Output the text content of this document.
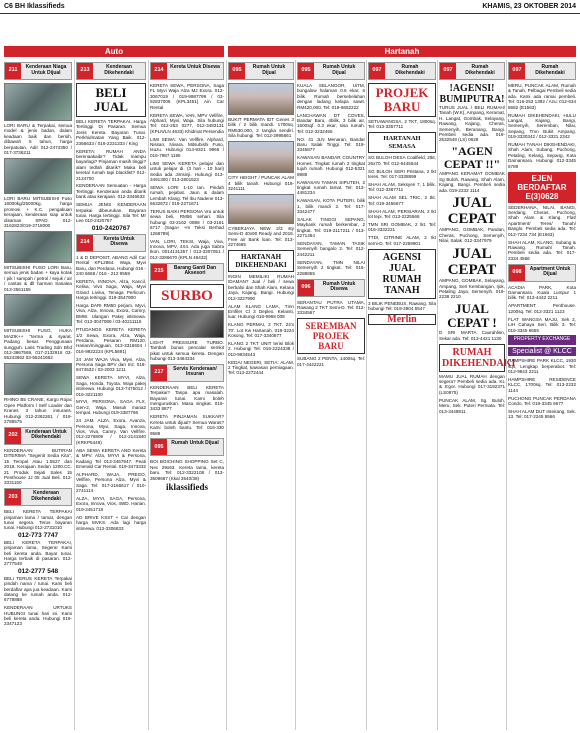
C6 BH Iklassifieds	KHAMIS, 23 OKTOBER 2014
Auto	Hartanah
211
Kenderaan Niaga Untuk Dijual

LORI BARU & Terpakai, semua model & jenis badan, dalam keadaan baik dan bersih, dibawah 5 tahun, harga berpatutan. Adir 012-2474350 / 017-3736211

LORI BARU MITSUBISHI Fuso 16000kg/25000kg, harga promosi + K.C. pengakuan kerajaan, kenderaan siap untuk disaman SPAD. 012-3162823/019-2718000

MITSUBISHI FUSO LORI Baru, semua jenis badan + kaya kotak / pik / sampah / petrol / sejuk / air / cantas & dll harman Sanalea 013-2561155

MITSUBISHI FUSO, HUKA MAZIK++ "terma & syarat. Padang besar. Penggunaan sungguh. Laris Trading Sdn Bhd 012-3667569, 017-2132916 03-55243662 03-55241662

RHINO B5 CRANE, Kargo Rojac Open Platform / Self Loader dan Kranes 3 tahun insurans. Hubungi 012-2362261 / 019-2788575

202
Kenderaan Untuk Dikehendaki

KENDERAAN BUTIRAN DITERIMA "Segenit Sedia Kita", 15 Tempat Atau 1.5527 dan 2018. Kerajaan Sedan 1200.CC. 21 Produk Sejati Sales 15 Penthouse JJ 05 Jual Beli. 012-3331150

203
Kenderaan Dikehendaki

BELI KERETA TERPAKAI pinjaman lama / tamat, dengan tunai segera. Terus bayaran tunai. Hubungi 012-2731010

012-773 7747

BELI KERETA TERPAKAI, pinjaman lama, Segera! Kami beli kereta anda. Bayar tunai. Harga terbaik di pasaran. 012-2777548

012-2777 548

BELI TERUS KERETA Terpakai pindah nama / tunai. Kami beli berdaftar apa jua keadaan. Kami datang ke rumah anda. 012-6778888

KENDERAAN URTUKS HUBUNGI tunai hari ini. Kami beli kereta anda. Hubungi 019-2347123

213
Kenderaan Dikehendaki
BELI JUAL

BELI KERETA TERPAKAI. Harga Tertinggi Di Pasaran. Semua Jenis Kereta. Bayaran Tunai. Perkhidmatan Yang Baik. 012-2366633 / 016-2231333 / King

KERETA: RUMAH ANDA berenaakaibr? Tidak mampu bayarlagi? Pinjaman masih tinggi? alam tedlah ditarik? Maka beli kereta/ rumah tapi blacklist? 012-2124700

KENDERAAN Semuatan - Harga Tertinggi. Kenderaan anda ditarik bank atau kerajaan. 012-3346633

SEMUA JENIS KENDERAAN terpakai dibeurukan. Bayaran tunai. Harga tertinggi. Sila Tel: Mr Lee 010-2420767

010-2420767
214
Kereta Untuk Disewa

1 & D DEPOSIT, ABANG Adil Car Rental KPL2864. Waja, Myvi Baru, dan Perdana. Hubungi 016 - 240 6668 / 016 - 212 9559

KERETA, INNOVA, Alza, Kancil, Kelisa, Vivo Saga, Waja, Myvi Grand Livina, Tenaga Perlicum. Harga tertinggi. 019-3547900

Harga DARI RM50 perjam, Myvi, Viva, Alza, Innova, Exora, Camry, BMW. Ulangan Pakej istimewa. Tel: 013-3047089 / 03-40211115

PTUDANOS KERETA KERETA 1/2 Sewa, Exora, Alza, Waja, Perdana, Pesaran RM120. Harian/mingguan. 013-3316604 / 016-9922224 (KPL5691)

24 JAM WAJA Viva, Myvi, Alza, Persona Saga BPV dan Iriz. 018-9474532 / 03-2003 1211

SEWA KERETA MYVI, Alza, Saga, Honda, Toyota. Waja pakej istimewa. Hubungi 013-7475012 / 016-3221100

MYVI, PERSONA, SAGA FLX, Gen-2, Waja. Masuk mana2 tempat. Hubungi 019-3387766

24 JAM. ALZA, Exora, Avanza, Persona, Myvi, Saga, Innova, Vios, Viva, Camry. Van Vellfire. 012-2276809 / 012-2141840 (KRKP5449)

ABA SEWA KERETA AND Kereta & MPV. Alza, MYVI & Persona, Kadang Tel 013-3467947. Peati Emerald Car Rental. 019-3473332

ALPHARD, WAJA, PREGO, Vellfire, Persona Alza, Myvi & Saga. Tel: 017-2166617 / 010-2741114

ALZA, MYVI, SAGA, Persona, Exora, Innova, Vios, 4WD. Harian. 019-2451718

AD BRIVE KSST + Car dengan harga MVKS. Ada lagi harga istimewa. 013-3306633

214
Kereta Untuk Disewa

KERETA SEWA, PERSONA, Saga FL Myvi Waja Alza MJ Exora. 012-3067019 / 019-9987799 / 03-92837006 (KPL3451) Ain Car Rental

KERETA SEWA, VAN, MPV Vellfire, Alphard, Myvi, Waja. Sila hubungi Tel: 012-253 0277, 012-3483131 (KPLN/LN 4633) Khidmat Persendia

LIMI SEWA: Van Vellfire, Alphard, Nissan, Nivara. Mitsubishi Fuso, Isuzu. Hubungi 014-9321 9965 / 016-7987 1195

LIMI SEWA KERETA pelajar dan untuk pelajar di. (3 hari - 10 hari) Sedia ada Jimsinji. Hubungi 013-3491300 / 013-2801523

SEWA LORI 1-10 tan. Pindah rumah, pejabat. Jaun & dalam Lembah Klang. Tel Ibu Nadene 013-6632672 / 019-2271671

TERUS BAIKI PERSONA Vra untuk sewa beli, RM56 sehari. Sila hubungi 03-2162 0888 / 03-2161 6717 (Saga+ +m Teksi Berhad 1268789)

VAN, LORI, TEKSI, Waja, Viva, Innova, MPV, 4X4. Ada juga Sabra Ikon. 0014131357 / 013-3307051 / 012-3286670 (KPLN 46432)

215
Barang Ganti Dan Aksesori
SURBO

LIGHT PRESSURE TURBO. Tambah bunus pencalar semkit pikat untuk semua kereta. Dengan hubungi 013-3484334

217
Servis Kenderaan/ Insuran

KENDERAAN BELI KERETA Terpakai? Tanpa apa masalah. Bayaran tunai. Kami boleh menguruskan. Masa singkat. 019-3433 8877

KERETA PINJAMAN SUKKAR? Kereta untuk dijual? Semua Waras? Kami boleh bantu. Tel: 016-330 9589

095
Rumah Untuk Dijual

BOI BOICHING SHOPPING Set C, Nec 29x63. Kereta lama, kereta baru. Tel: 012-3322108 / 013-3509667 (Kkal 3540/38)

iklassifieds
095
Rumah Untuk Dijual

BUKIT PERMATA IDT Cenes 3 bilik / 2 bilik mandi. 1700sq. RM530,000, 2 tangka sendiri. Sila hubungi. Tel: 012-2995661

CITY HEIGHT / PUNCAK ALAM 4 bilik tanah. Hubungi 019-3241111

CYBERJAYA NEW 2/3 sty Semi-D 40x90 Ready and 2016. Free air Bank loan. Tel: 013-2274665

HARTANAH DIKEHENDAKI

INGIN MEMILIKI RUMAH IDAMAN? Jual / beli / sewa berbaloi dan Shah Alam, Kelana Jaya, Kajang, Bangi. Hubungi 012-3227990

ALAM KLANG LAMA, Tmn Emfiler Cl 3 Deplex. Kelaniti, luar. Hubungi 016-9968 008

KLANG PERMAI, 2 TKT. 24'x 70'. Lot Kw Hartanah. 019-3224 Kosong. Tel: 017-3340877

KLANG 2 TKT UNIT terisi Blok 2. Hubungi Tel: 016-2224338 / 010-9934543

KEDAI NEGERI, SETIA: ALAM, 2 Tingkat, kawasan perniagaan. Tel: 013-2272444

095
Rumah Untuk Dijual

KUALA SELANGOR, UiTM, bungalow halaman 0.6 ekar, 6 bilik. Rumah bersebelahan dengan ladang kelapa sawit. RM420,000. Tel: 019-6652222

LANCHAWAN DT COVES, Bandar Baru, 4bilik, 3 bilik air, 1600sqf. 0.3 ekar, sisa rumah. Tel: 012-3232455

NO. 41 JLN Menaran, Bandar Baru Salak Tinggi. Tel: 019-3345877

KAWASAN BANDAR COUNTRY Homes. Tingkat rumah 2 tingkat tujuh rumah. Hubungi 012-5321 8888

KAWASAN TAMAN SIPUTEH, 2 tingkat rumah tamat. Tel: 013-4481234

KAWASAN, KOTA PUTERI, bilik 1, bilik mandi 2. Tel: 017-3342477

SALAK TINGGI SEPANG, Maybank rumah berkembar, 2 tingkat. Tel: 019-2117211 / 013-2271464

SENDAYAN, TAMAN TASIK Semenyih bangalo 2. Tel: 012-2442211

SENDAYAN, TMN NILAI Semenyih 2 tingkat. Tel: 016-2288855

096
Rumah Untuk Disewa

SERANTAU PUTRA UTAMA, Rawang 2 TKT Semi-D. Tel: 012-3334567

SEREMBAN PROJEK BARU

SUBANG 2 PENTA, 1400sq. Tel: 017-4442221

097
Rumah Dikehendaki
PROJEK BARU

SETIAWANGSA, 2 TKT, 1800sq. Tel: 013-3357711

HARTANAH SEMASA

SG BULOH DESA Coalfield, 2tkt, 26x70. Tel: 012-6445544

SG BULOH SERI Pristana, 2 tkt teres. Tel: 017-3338899

SHAH ALAM, Seksyen 7, 1 bilik. Tel: 012-3367711

SHAH ALAM SEL TRIC, 2 tkt. Tel: 019-3456677

SHAH ALAM, PERSIARAN, 2 tkt lot tepi. Tel: 013-2225566

TMN SRI GOMBAK, 2 tkt. Tel: 016-3332221

TTDI, CITRINE ALAM, 2 tkt semi-D. Tel: 017-2259901

AGENSI JUAL RUMAH TANAH

3 BILIK PENEBUS, Rawang. Sila hubungi Tel: 019-3904 5547

Merlin
097
Rumah Dikehendaki
!AGENSI! BUMIPUTRA!

TURUS JUAL / BELI RUMAH/ Tanah (W.K), Ampang, Keramat, H. Langat, Gombak, Selayang, Rawang, Kajang, Cheras, Semenyih, Beranang, Bangi. Pembeli sedia ada. 019-2532548 (LS) 0628

"AGEN CEPAT !!"

AMPANG KERAMAT GOMBAK Sg Buloh, Rawang, Shah Alam, Kajang, Bangi. Pembeli sedia ada. 019-2232 1114

JUAL CEPAT

AMPANG, GOMBAK, Pandan, Cheras, Puchong, Semenyih, Nilai, Salak. 012-3347979

JUAL CEPAT

AMPANG, GOMBAK, Selayang, Ampang, Seri Kembangan, Ijok, Petaling Jaya, Semenyih. 019-2238 2210

JUAL CEPAT !

D SRI MARTA Caurahlisn, Sekar ada. Tel: 013-4421 1130

RUMAH DIKEHENDAKI

MAMU JUAL RUMAH dengan segera? Pembeli sedia ada. KL & S'gor. Hubungi 017-3192371 (LS0975)

PUNCAK ALAM, Sg. Buloh, Meru, Sek. Puteri Permata. Tel: 013-3448811

097
Rumah Dikehendaki

MERU, PUNCAK ALAM, Rumah & Tanah, Pelbagai Pembeli sedia ada. Kami ada ramai pembeli. Tel: 016-253 1392 / Azu: 012-634 8682 (E1563)

RUMAH DIKEHENDAKI, HULU Langat, Kajang, Bangi, Semenyih, Seremban, Nilai, Sepang, Tmn Bukit Ampang. 019-3330342 / 012-3321 2342

RUMAH TANAH DIKEHENDAKI, Shah Alam, Subang, Puchong, Petaling, Kelang, Sepang, Kota Damansara. Hubungi 012-3345 6789

EJEN BERDAFTAR E(3)0628

SEDERHANA, NILAI, BANGI, Serdang, Cheras, Puchong, Shah Alam & Klang. Flat/ Apartment/ Teres/ Tanah/ Banglo. Pembeli sedia ada. Tel: 012-7234 734 (E1563)

SHAH ALAM, KLANG, Subang & Rawang. Rumah/ Tanah. Pembeli sedia ada. Tel: 017-2334 4566

098
Apartment Untuk Dijual

ACADIA PARK, Kota Damansara. Kuala Lumpur 1 bilik. Tel: 013-4442 2211

APARTMENT Penthouse. 1200sq. Tel: 012-3321 1123

FLAT WANGSA MAJU, Sek 2, LIH Cahaya Seri, Bilik 3. Tel: 016-3345 6655

PROPERTY EXCHANGE
Specialist @ KLCC

HAMPSHIRE PARK KLCC, 1930 sqs, Lengkap berperabot. Tel: 012-9843 2211

HAMPSHIRE RESIDENCE KLCC, 1700sq. Tel: 013-2232 1144

PUCHONG PUNCAK PERDANA Condo. Tel: 019-3345 6677

SHAH ALAM DUT Inteirang, Sek. 13. Tel: 017-2245 5566
